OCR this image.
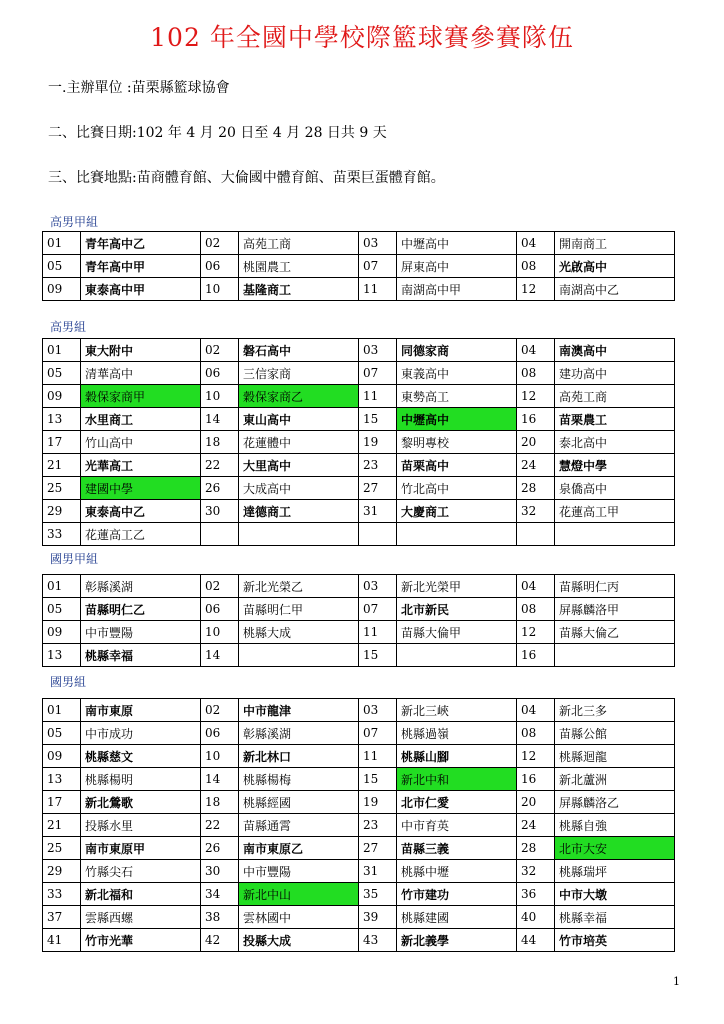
102 年全國中學校際籃球賽參賽隊伍
一.主辦單位 :苗栗縣籃球協會
二、比賽日期:102 年 4 月 20 日至 4 月 28 日共 9 天
三、比賽地點:苗商體育館、大倫國中體育館、苗栗巨蛋體育館。
高男甲組
01	青年高中乙	02	高苑工商	03	中壢高中	04	開南商工
05	青年高中甲	06	桃園農工	07	屏東高中	08	光啟高中
09	東泰高中甲	10	基隆商工	11	南湖高中甲	12	南湖高中乙
高男組
01	東大附中	02	磐石高中	03	同德家商	04	南澳高中
05	清華高中	06	三信家商	07	東義高中	08	建功高中
09	穀保家商甲	10	穀保家商乙	11	東勢高工	12	高苑工商
13	水里商工	14	東山高中	15	中壢高中	16	苗栗農工
17	竹山高中	18	花蓮體中	19	黎明專校	20	泰北高中
21	光華高工	22	大里高中	23	苗栗高中	24	慧燈中學
25	建國中學	26	大成高中	27	竹北高中	28	泉僑高中
29	東泰高中乙	30	達德商工	31	大慶商工	32	花蓮高工甲
33	花蓮高工乙						
國男甲組
01	彰縣溪湖	02	新北光榮乙	03	新北光榮甲	04	苗縣明仁丙
05	苗縣明仁乙	06	苗縣明仁甲	07	北市新民	08	屏縣麟洛甲
09	中市豐陽	10	桃縣大成	11	苗縣大倫甲	12	苗縣大倫乙
13	桃縣幸福	14		15		16	
國男組
01	南市東原	02	中市龍津	03	新北三峽	04	新北三多
05	中市成功	06	彰縣溪湖	07	桃縣過嶺	08	苗縣公館
09	桃縣慈文	10	新北林口	11	桃縣山腳	12	桃縣迴龍
13	桃縣楊明	14	桃縣楊梅	15	新北中和	16	新北蘆洲
17	新北鶯歌	18	桃縣經國	19	北市仁愛	20	屏縣麟洛乙
21	投縣水里	22	苗縣通霄	23	中市育英	24	桃縣自強
25	南市東原甲	26	南市東原乙	27	苗縣三義	28	北市大安
29	竹縣尖石	30	中市豐陽	31	桃縣中壢	32	桃縣瑞坪
33	新北福和	34	新北中山	35	竹市建功	36	中市大墩
37	雲縣西螺	38	雲林國中	39	桃縣建國	40	桃縣幸福
41	竹市光華	42	投縣大成	43	新北義學	44	竹市培英
1
